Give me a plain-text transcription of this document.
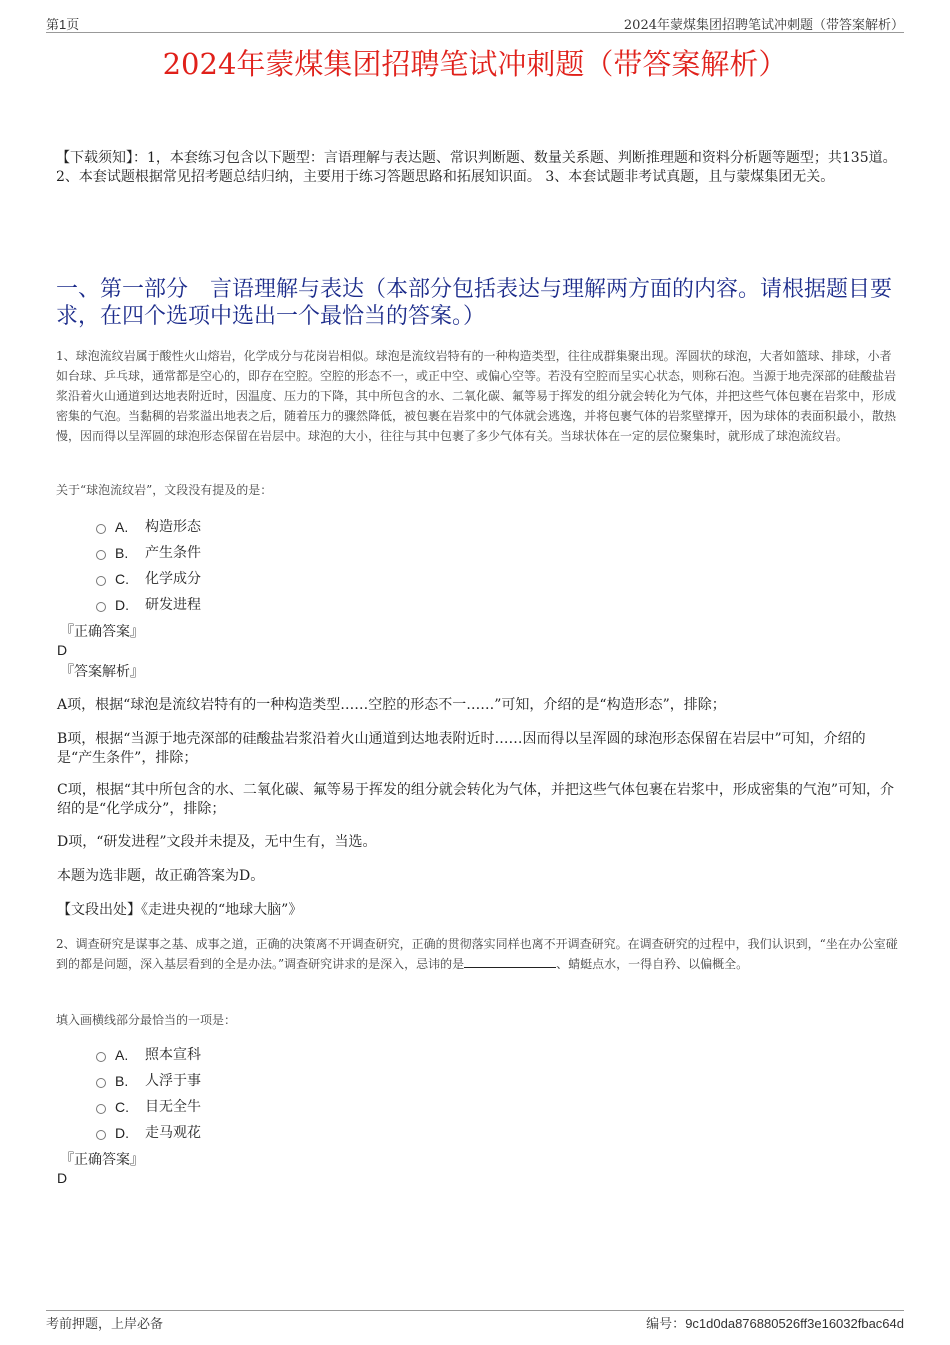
第1页	2024年蒙煤集团招聘笔试冲刺题（带答案解析）
2024年蒙煤集团招聘笔试冲刺题（带答案解析）
【下载须知】：1，本套练习包含以下题型：言语理解与表达题、常识判断题、数量关系题、判断推理题和资料分析题等题型；共135道。 2、本套试题根据常见招考题总结归纳，主要用于练习答题思路和拓展知识面。 3、本套试题非考试真题，且与蒙煤集团无关。
一、第一部分　言语理解与表达（本部分包括表达与理解两方面的内容。请根据题目要求，在四个选项中选出一个最恰当的答案。）
1、球泡流纹岩属于酸性火山熔岩，化学成分与花岗岩相似。球泡是流纹岩特有的一种构造类型，往往成群集聚出现。浑圆状的球泡，大者如篮球、排球，小者如台球、乒乓球，通常都是空心的，即存在空腔。空腔的形态不一，或正中空、或偏心空等。若没有空腔而呈实心状态，则称石泡。当源于地壳深部的硅酸盐岩浆沿着火山通道到达地表附近时，因温度、压力的下降，其中所包含的水、二氧化碳、氟等易于挥发的组分就会转化为气体，并把这些气体包裹在岩浆中，形成密集的气泡。当黏稠的岩浆溢出地表之后，随着压力的骤然降低，被包裹在岩浆中的气体就会逃逸，并将包裹气体的岩浆壁撑开，因为球体的表面积最小，散热慢，因而得以呈浑圆的球泡形态保留在岩层中。球泡的大小，往往与其中包裹了多少气体有关。当球状体在一定的层位聚集时，就形成了球泡流纹岩。
关于“球泡流纹岩”，文段没有提及的是：
A.	构造形态
B.	产生条件
C.	化学成分
D.	研发进程
『正确答案』
D
『答案解析』
A项，根据“球泡是流纹岩特有的一种构造类型……空腔的形态不一……”可知，介绍的是“构造形态”，排除；
B项，根据“当源于地壳深部的硅酸盐岩浆沿着火山通道到达地表附近时……因而得以呈浑圆的球泡形态保留在岩层中”可知，介绍的是“产生条件”，排除；
C项，根据“其中所包含的水、二氧化碳、氟等易于挥发的组分就会转化为气体，并把这些气体包裹在岩浆中，形成密集的气泡”可知，介绍的是“化学成分”，排除；
D项，“研发进程”文段并未提及，无中生有，当选。
本题为选非题，故正确答案为D。
【文段出处】《走进央视的“地球大脑”》
2、调查研究是谋事之基、成事之道，正确的决策离不开调查研究，正确的贯彻落实同样也离不开调查研究。在调查研究的过程中，我们认识到，“坐在办公室碰到的都是问题，深入基层看到的全是办法。”调查研究讲求的是深入，忌讳的是	、蜻蜓点水，一得自矜、以偏概全。
填入画横线部分最恰当的一项是：
A.	照本宣科
B.	人浮于事
C.	目无全牛
D.	走马观花
『正确答案』
D
考前押题，上岸必备	编号：9c1d0da876880526ff3e16032fbac64d
